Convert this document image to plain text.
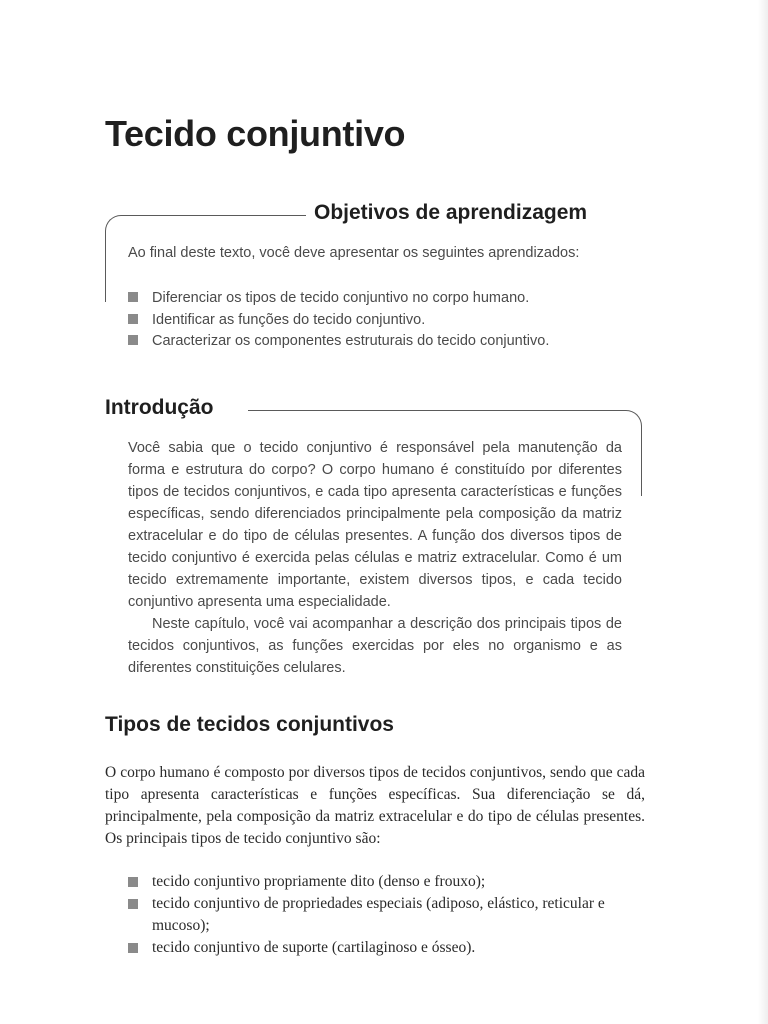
Tecido conjuntivo
Objetivos de aprendizagem

Ao final deste texto, você deve apresentar os seguintes aprendizados:

Diferenciar os tipos de tecido conjuntivo no corpo humano.
Identificar as funções do tecido conjuntivo.
Caracterizar os componentes estruturais do tecido conjuntivo.
Introdução

Você sabia que o tecido conjuntivo é responsável pela manutenção da forma e estrutura do corpo? O corpo humano é constituído por diferentes tipos de tecidos conjuntivos, e cada tipo apresenta características e funções específicas, sendo diferenciados principalmente pela composição da matriz extracelular e do tipo de células presentes. A função dos diversos tipos de tecido conjuntivo é exercida pelas células e matriz extracelular. Como é um tecido extremamente importante, existem diversos tipos, e cada tecido conjuntivo apresenta uma especialidade.

Neste capítulo, você vai acompanhar a descrição dos principais tipos de tecidos conjuntivos, as funções exercidas por eles no organismo e as diferentes constituições celulares.

Tipos de tecidos conjuntivos

O corpo humano é composto por diversos tipos de tecidos conjuntivos, sendo que cada tipo apresenta características e funções específicas. Sua diferenciação se dá, principalmente, pela composição da matriz extracelular e do tipo de células presentes. Os principais tipos de tecido conjuntivo são:

tecido conjuntivo propriamente dito (denso e frouxo);
tecido conjuntivo de propriedades especiais (adiposo, elástico, reticular e mucoso);
tecido conjuntivo de suporte (cartilaginoso e ósseo).
